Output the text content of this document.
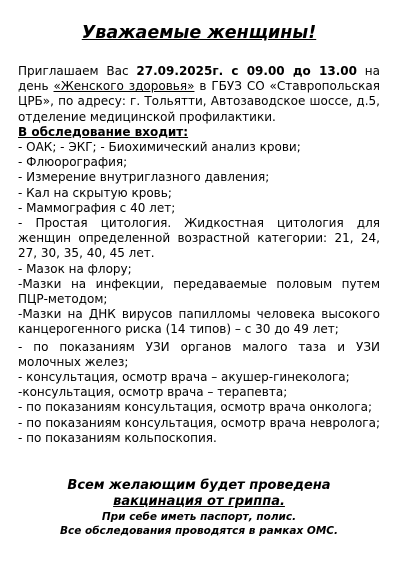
Уважаемые женщины!

Приглашаем Вас 27.09.2025г. с 09.00 до 13.00 на день «Женского здоровья» в ГБУЗ СО «Ставропольская ЦРБ», по адресу: г. Тольятти, Автозаводское шоссе, д.5, отделение медицинской профилактики.

В обследование входит:

- ОАК; - ЭКГ; - Биохимический анализ крови;

- Флюорография;

- Измерение внутриглазного давления;

- Кал на скрытую кровь;

- Маммография с 40 лет;

- Простая цитология. Жидкостная цитология для женщин определенной возрастной категории: 21, 24, 27, 30, 35, 40, 45 лет.

- Мазок на флору;

-Мазки на инфекции, передаваемые половым путем ПЦР-методом;

-Мазки на ДНК вирусов папилломы человека высокого канцерогенного риска (14 типов) – с 30 до 49 лет;

- по показаниям УЗИ органов малого таза и УЗИ молочных желез;

- консультация, осмотр врача – акушер-гинеколога;

-консультация, осмотр врача – терапевта;

- по показаниям консультация, осмотр врача онколога;

- по показаниям консультация, осмотр врача невролога; - по показаниям кольпоскопия.

Всем желающим будет проведена

вакцинация от гриппа.

При себе иметь паспорт, полис.

Все обследования проводятся в рамках ОМС.
